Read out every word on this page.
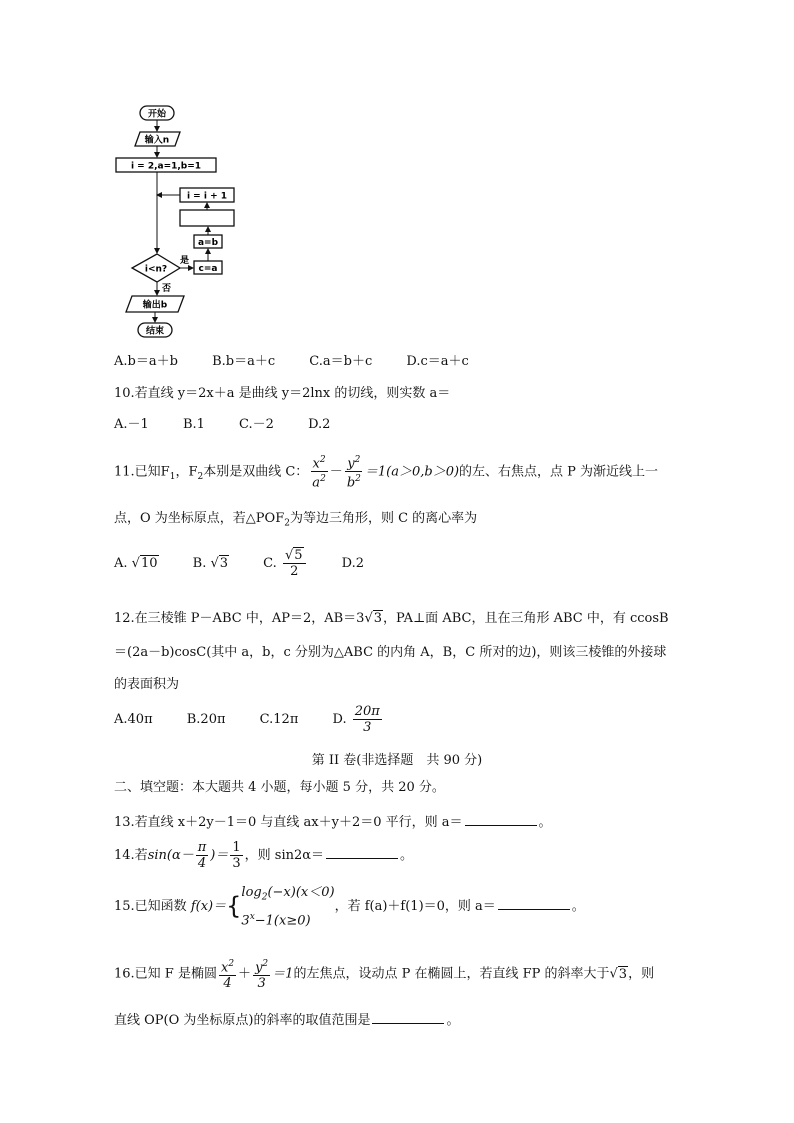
开始
输入n
i = 2,a=1,b=1
i = i + 1
a=b
c=a
i<n?
是
否
输出b
结束
A.b＝a＋b	B.b＝a＋c	C.a＝b＋c	D.c＝a＋c
10.若直线 y＝2x＋a 是曲线 y＝2lnx 的切线，则实数 a＝
A.－1	B.1	C.－2	D.2
11.已知$F_1$，$F_2$本别是双曲线 C： $\frac{x^2}{a^2} - \frac{y^2}{b^2} =1(a>0,b>0)$的左、右焦点，点 P 为渐近线上一
点，O 为坐标原点，若$\triangle POF_2$为等边三角形，则 C 的离心率为
A. √10	B. √3	C. $\frac{√5}{2}$	D.2
12.在三棱锥 P－ABC 中，AP＝2，AB＝3√3，PA⊥面 ABC，且在三角形 ABC 中，有 ccosB
＝(2a－b)cosC(其中 a，b，c 分别为△ABC 的内角 A，B，C 所对的边)，则该三棱锥的外接球
的表面积为
A.40π	B.20π	C.12π	D. $\frac{20\pi}{3}$
第 II 卷(非选择题　共 90 分)
二、填空题：本大题共 4 小题，每小题 5 分，共 20 分。
13.若直线 x＋2y－1＝0 与直线 ax＋y＋2＝0 平行，则 a＝	。
14.若$\sin(\alpha- \frac{\pi}{4}$ )＝ $\frac{1}{3}$ ，则 sin2α＝	。
15.已知函数 f(x)＝{ $\log_2(-x)(x<0)$
$3^x-1(x\ge 0)$
，若 f(a)＋f(1)＝0，则 a＝	。
16.已知 F 是椭圆 $\frac{x^2}{4} + \frac{y^2}{3} =1$的左焦点，设动点 P 在椭圆上，若直线 FP 的斜率大于√3，则
直线 OP(O 为坐标原点)的斜率的取值范围是	。
